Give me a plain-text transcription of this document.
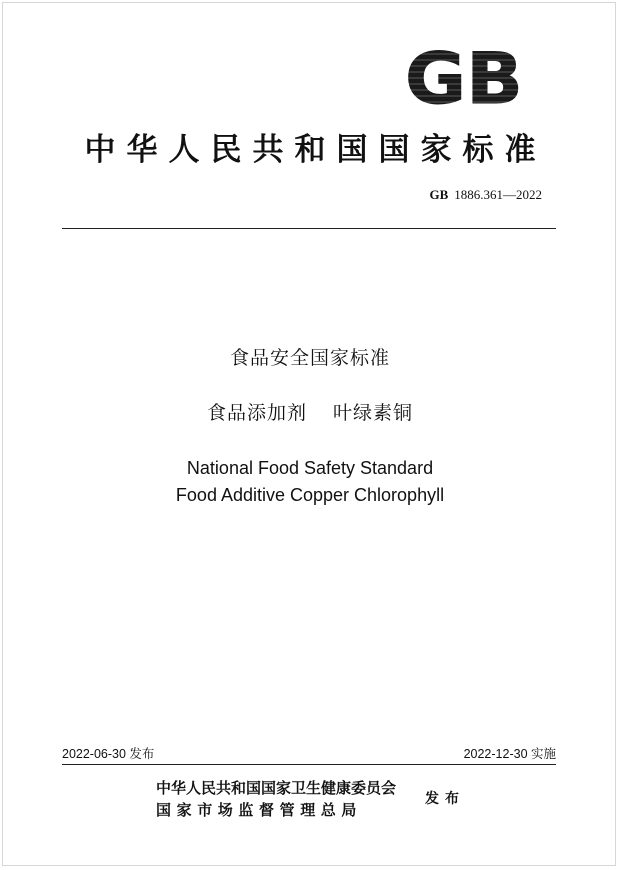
GB
中华人民共和国国家标准
GB 1886.361—2022
食品安全国家标准
食品添加剂 叶绿素铜
National Food Safety Standard
Food Additive Copper Chlorophyll
2022-06-30 发布	2022-12-30 实施
中华人民共和国国家卫生健康委员会
国家市场监督管理总局
发布
